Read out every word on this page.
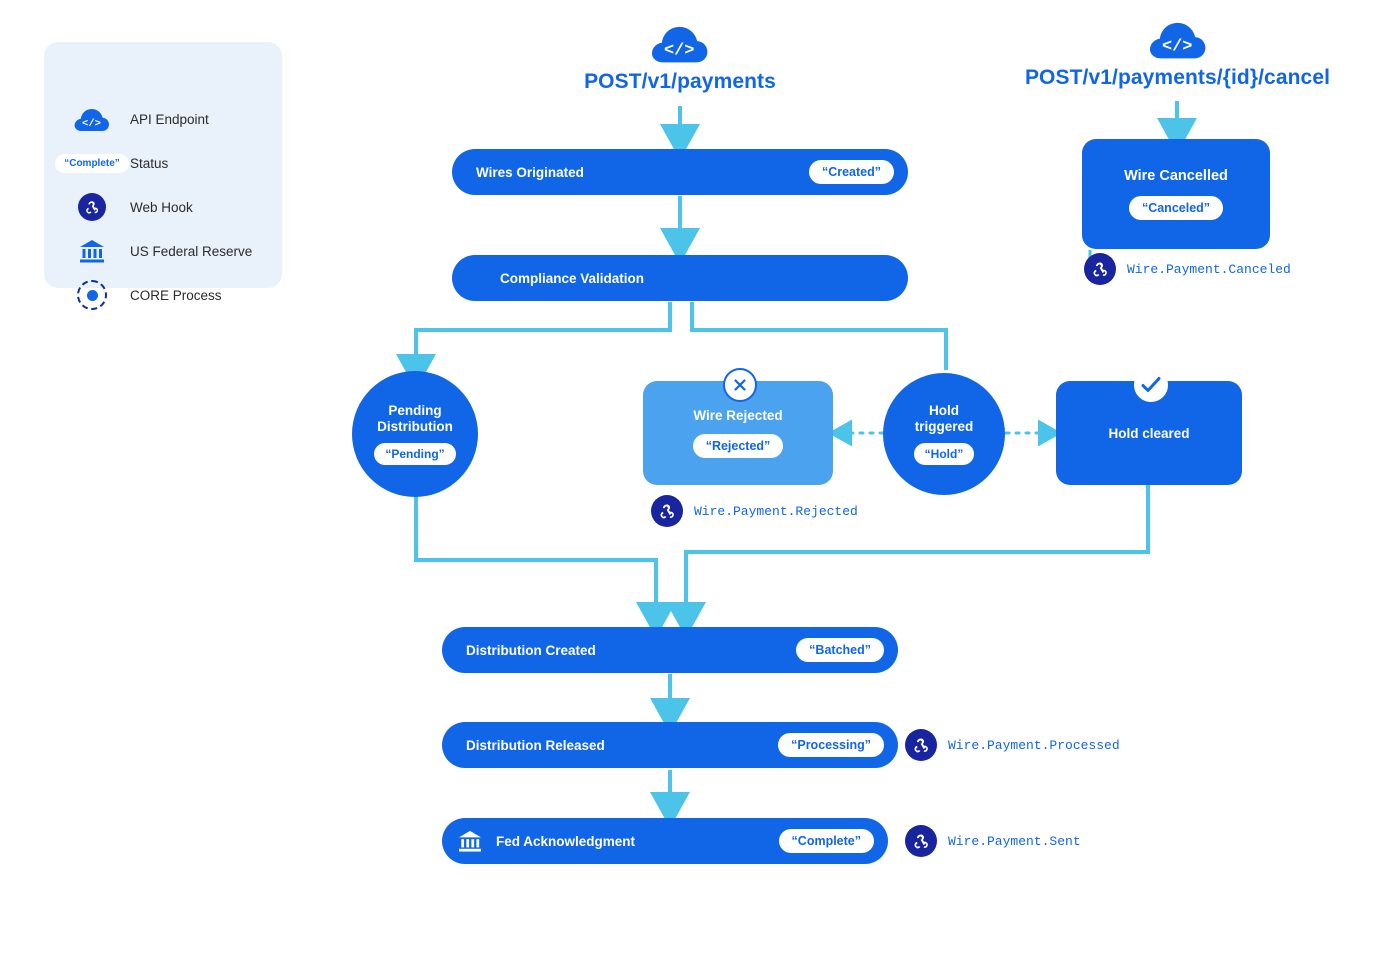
</> API Endpoint
“Complete” Status
Web Hook
US Federal Reserve
CORE Process
</>
POST/v1/payments
</>
POST/v1/payments/{id}/cancel
Wires Originated	“Created”
Compliance Validation
Wire Cancelled
“Canceled”
Wire.Payment.Canceled
Pending Distribution
“Pending”
Wire Rejected
“Rejected”
Wire.Payment.Rejected
Hold triggered
“Hold”
Hold cleared
Distribution Created	“Batched”
Distribution Released	“Processing”	Wire.Payment.Processed
Fed Acknowledgment	“Complete”	Wire.Payment.Sent
